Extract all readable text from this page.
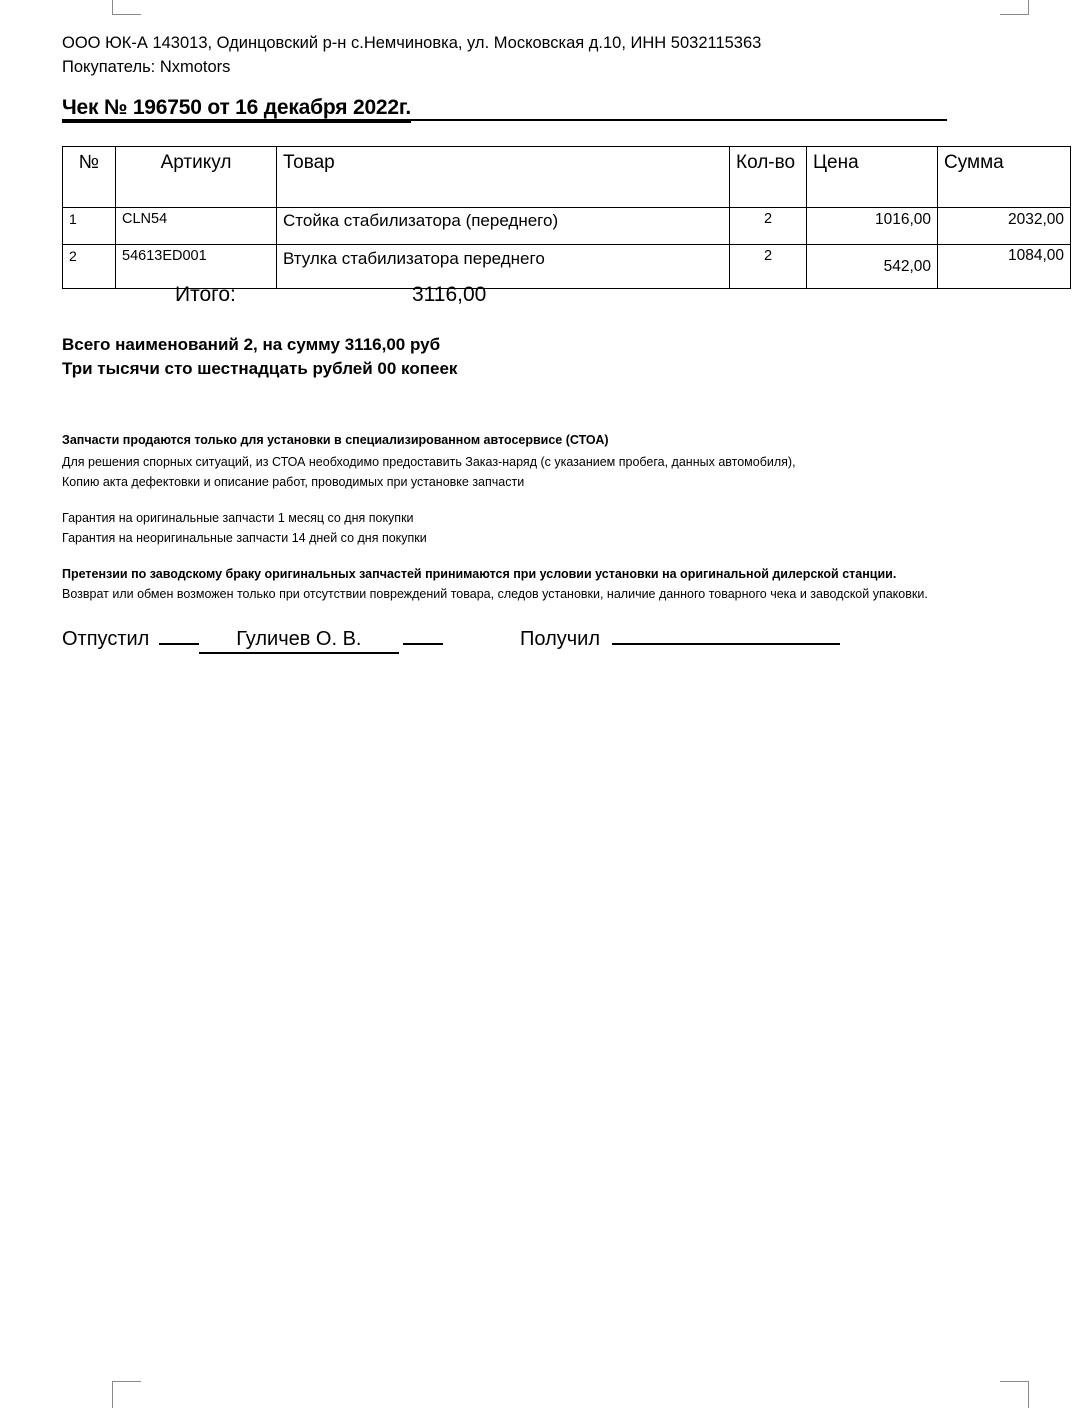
ООО ЮК-А 143013, Одинцовский р-н с.Немчиновка, ул. Московская д.10, ИНН 5032115363
Покупатель: Nxmotors
Чек № 196750 от 16 декабря 2022г.
№	Артикул	Товар	Кол-во	Цена	Сумма
1	CLN54	Стойка стабилизатора (переднего)	2	1016,00	2032,00
2	54613ED001	Втулка стабилизатора переднего	2	542,00	1084,00
Итого:	3116,00
Всего наименований 2, на сумму 3116,00 руб
Три тысячи сто шестнадцать рублей 00 копеек
Запчасти продаются только для установки в специализированном автосервисе (СТОА)
Для решения спорных ситуаций, из СТОА необходимо предоставить Заказ-наряд (с указанием пробега, данных автомобиля),
Копию акта дефектовки и описание работ, проводимых при установке запчасти
Гарантия на оригинальные запчасти 1 месяц со дня покупки
Гарантия на неоригинальные запчасти 14 дней со дня покупки
Претензии по заводскому браку оригинальных запчастей принимаются при условии установки на оригинальной дилерской станции.
Возврат или обмен возможен только при отсутствии повреждений товара, следов установки, наличие данного товарного чека и заводской упаковки.
Отпустил	Гуличев О. В.	Получил
